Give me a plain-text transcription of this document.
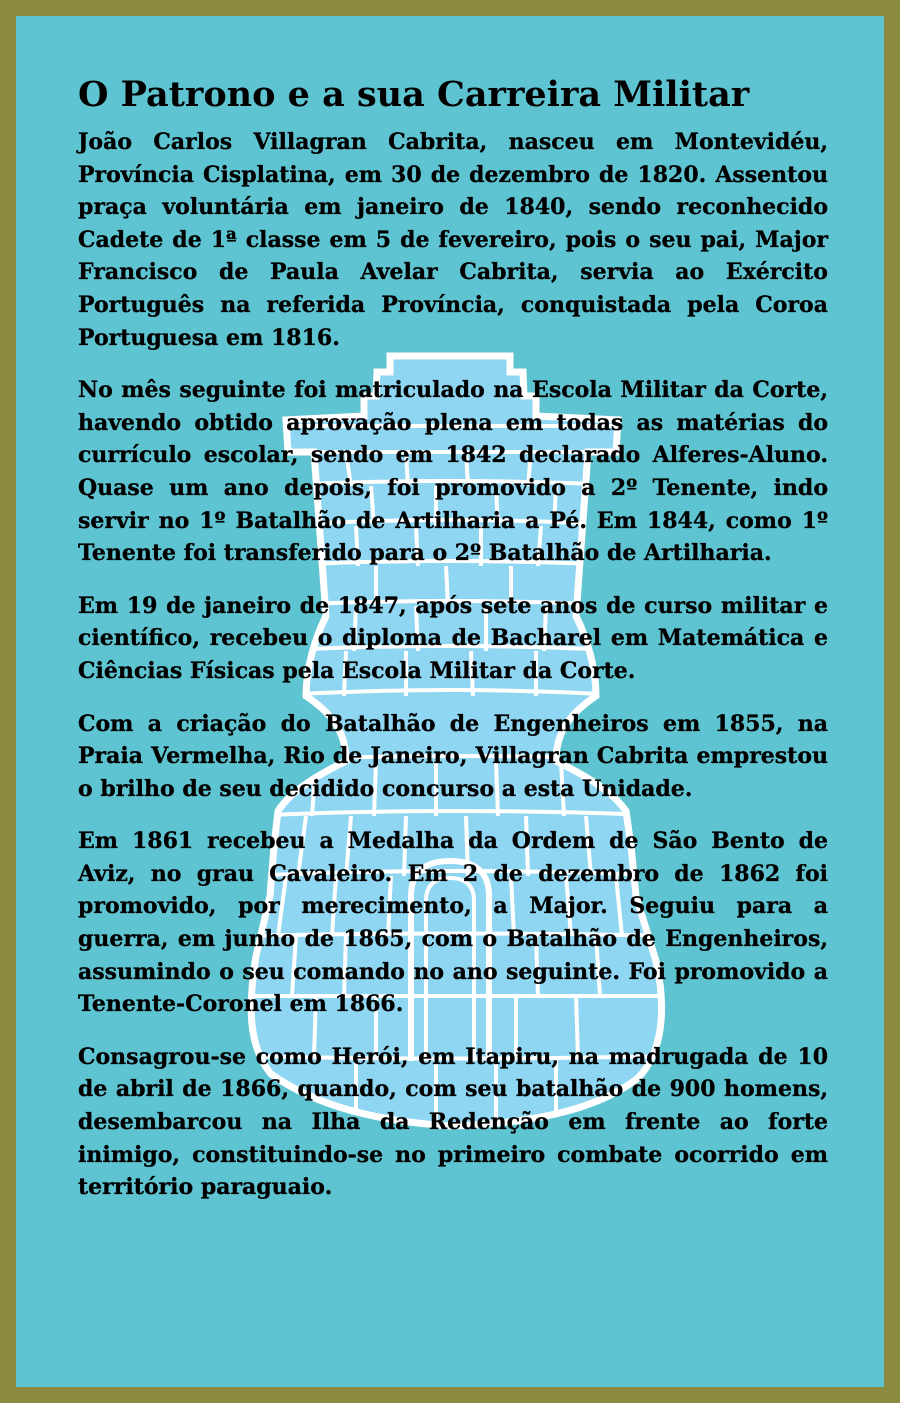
O Patrono e a sua Carreira Militar

João Carlos Villagran Cabrita, nasceu em Montevidéu, Província Cisplatina, em 30 de dezembro de 1820. Assentou praça voluntária em janeiro de 1840, sendo reconhecido Cadete de 1ª classe em 5 de fevereiro, pois o seu pai, Major Francisco de Paula Avelar Cabrita, servia ao Exército Português na referida Província, conquistada pela Coroa Portuguesa em 1816.

No mês seguinte foi matriculado na Escola Militar da Corte, havendo obtido aprovação plena em todas as matérias do currículo escolar, sendo em 1842 declarado Alferes-Aluno. Quase um ano depois, foi promovido a 2º Tenente, indo servir no 1º Batalhão de Artilharia a Pé. Em 1844, como 1º Tenente foi transferido para o 2º Batalhão de Artilharia.

Em 19 de janeiro de 1847, após sete anos de curso militar e científico, recebeu o diploma de Bacharel em Matemática e Ciências Físicas pela Escola Militar da Corte.

Com a criação do Batalhão de Engenheiros em 1855, na Praia Vermelha, Rio de Janeiro, Villagran Cabrita emprestou o brilho de seu decidido concurso a esta Unidade.

Em 1861 recebeu a Medalha da Ordem de São Bento de Aviz, no grau Cavaleiro. Em 2 de dezembro de 1862 foi promovido, por merecimento, a Major. Seguiu para a guerra, em junho de 1865, com o Batalhão de Engenheiros, assumindo o seu comando no ano seguinte. Foi promovido a Tenente-Coronel em 1866.

Consagrou-se como Herói, em Itapiru, na madrugada de 10 de abril de 1866, quando, com seu batalhão de 900 homens, desembarcou na Ilha da Redenção em frente ao forte inimigo, constituindo-se no primeiro combate ocorrido em território paraguaio.
